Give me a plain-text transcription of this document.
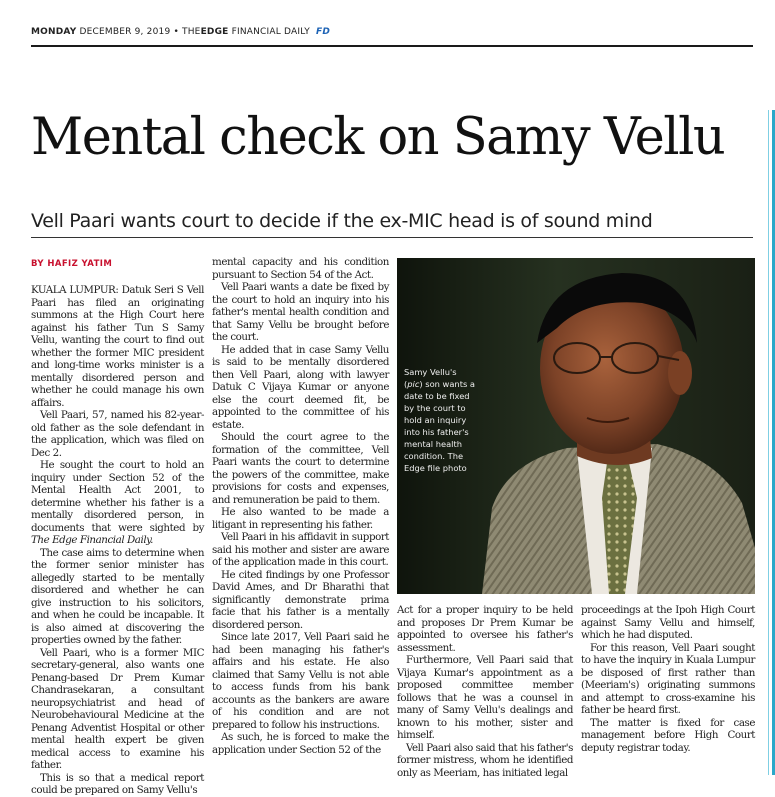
MONDAY DECEMBER 9, 2019 • THEEDGE FINANCIAL DAILY FD
Mental check on Samy Vellu
Vell Paari wants court to decide if the ex-MIC head is of sound mind
BY HAFIZ YATIM

KUALA LUMPUR: Datuk Seri S Vell Paari has filed an originating summons at the High Court here against his father Tun S Samy Vellu, wanting the court to find out whether the former MIC president and long-time works minister is a mentally disordered person and whether he could manage his own affairs.

Vell Paari, 57, named his 82-year-old father as the sole defendant in the application, which was filed on Dec 2.

He sought the court to hold an inquiry under Section 52 of the Mental Health Act 2001, to determine whether his father is a mentally disordered person, in documents that were sighted by The Edge Financial Daily.

The case aims to determine when the former senior minister has allegedly started to be mentally disordered and whether he can give instruction to his solicitors, and when he could be incapable. It is also aimed at discovering the properties owned by the father.

Vell Paari, who is a former MIC secretary-general, also wants one Penang-based Dr Prem Kumar Chandrasekaran, a consultant neuropsychiatrist and head of Neurobehavioural Medicine at the Penang Adventist Hospital or other mental health expert be given medical access to examine his father.

This is so that a medical report could be prepared on Samy Vellu's

mental capacity and his condition pursuant to Section 54 of the Act.

Vell Paari wants a date be fixed by the court to hold an inquiry into his father's mental health condition and that Samy Vellu be brought before the court.

He added that in case Samy Vellu is said to be mentally disordered then Vell Paari, along with lawyer Datuk C Vijaya Kumar or anyone else the court deemed fit, be appointed to the committee of his estate.

Should the court agree to the formation of the committee, Vell Paari wants the court to determine the powers of the committee, make provisions for costs and expenses, and remuneration be paid to them.

He also wanted to be made a litigant in representing his father.

Vell Paari in his affidavit in support said his mother and sister are aware of the application made in this court.

He cited findings by one Professor David Ames, and Dr Bharathi that significantly demonstrate prima facie that his father is a mentally disordered person.

Since late 2017, Vell Paari said he had been managing his father's affairs and his estate. He also claimed that Samy Vellu is not able to access funds from his bank accounts as the bankers are aware of his condition and are not prepared to follow his instructions.

As such, he is forced to make the application under Section 52 of the

Samy Vellu's (pic) son wants a date to be fixed by the court to hold an inquiry into his father's mental health condition. The Edge file photo

Act for a proper inquiry to be held and proposes Dr Prem Kumar be appointed to oversee his father's assessment.

Furthermore, Vell Paari said that Vijaya Kumar's appointment as a proposed committee member follows that he was a counsel in many of Samy Vellu's dealings and known to his mother, sister and himself.

Vell Paari also said that his father's former mistress, whom he identified only as Meeriam, has initiated legal

proceedings at the Ipoh High Court against Samy Vellu and himself, which he had disputed.

For this reason, Vell Paari sought to have the inquiry in Kuala Lumpur be disposed of first rather than (Meeriam's) originating summons and attempt to cross-examine his father be heard first.

The matter is fixed for case management before High Court deputy registrar today.
